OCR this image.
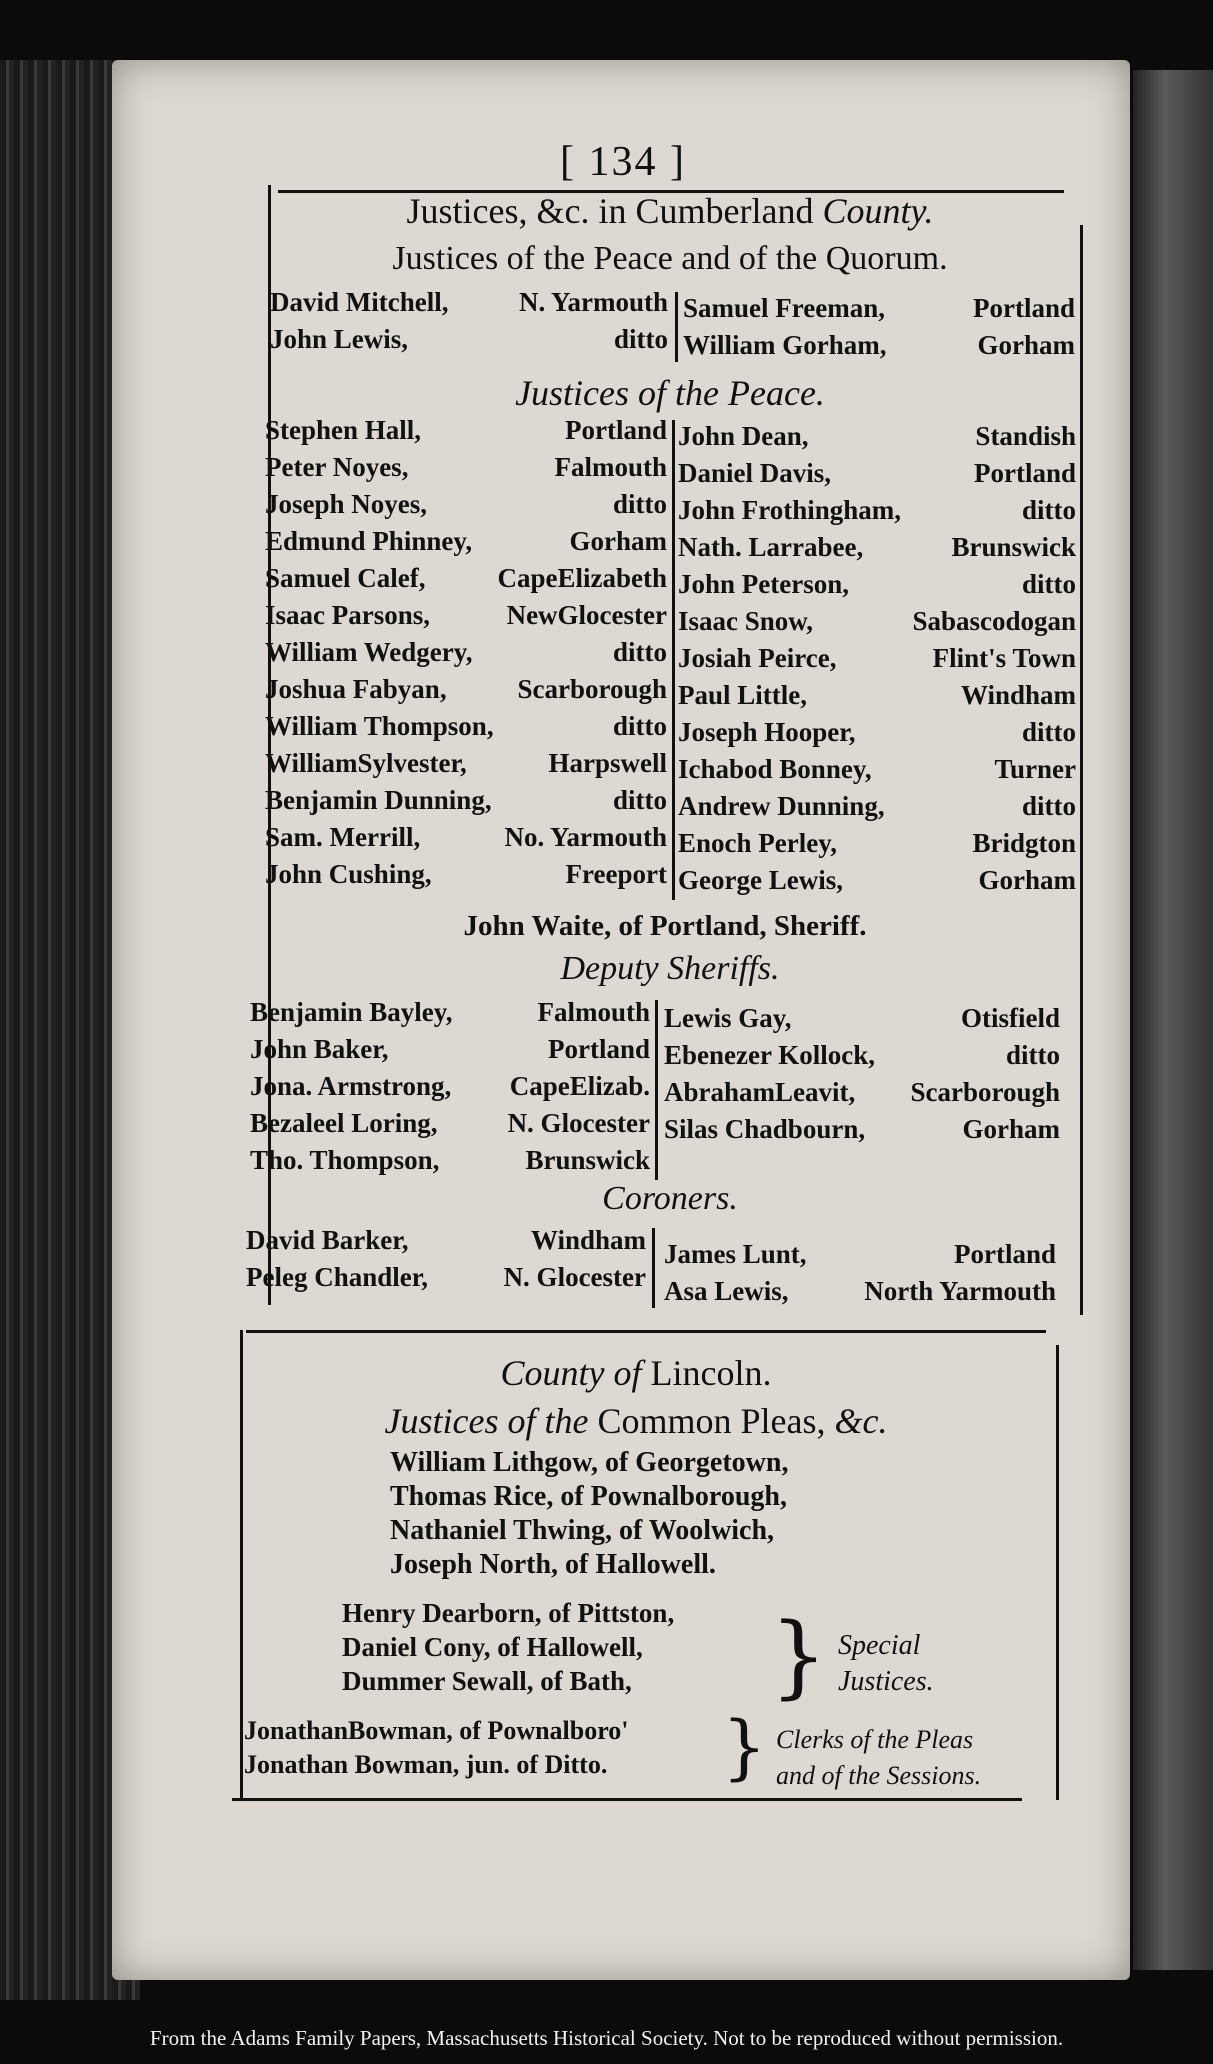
[ 134 ]
Justices, &c. in Cumberland County.
Justices of the Peace and of the Quorum.
David Mitchell,	N. Yarmouth
John Lewis,	ditto
Samuel Freeman,	Portland
William Gorham,	Gorham
Justices of the Peace.
Stephen Hall,	Portland
Peter Noyes,	Falmouth
Joseph Noyes,	ditto
Edmund Phinney,	Gorham
Samuel Calef,	CapeElizabeth
Isaac Parsons,	NewGlocester
William Wedgery,	ditto
Joshua Fabyan,	Scarborough
William Thompson,	ditto
WilliamSylvester,	Harpswell
Benjamin Dunning,	ditto
Sam. Merrill,	No. Yarmouth
John Cushing,	Freeport
John Dean,	Standish
Daniel Davis,	Portland
John Frothingham,	ditto
Nath. Larrabee,	Brunswick
John Peterson,	ditto
Isaac Snow,	Sabascodogan
Josiah Peirce,	Flint's Town
Paul Little,	Windham
Joseph Hooper,	ditto
Ichabod Bonney,	Turner
Andrew Dunning,	ditto
Enoch Perley,	Bridgton
George Lewis,	Gorham
John Waite, of Portland, Sheriff.
Deputy Sheriffs.
Benjamin Bayley,	Falmouth
John Baker,	Portland
Jona. Armstrong, CapeElizab.
Bezaleel Loring,	N. Glocester
Tho. Thompson,	Brunswick
Lewis Gay,	Otisfield
Ebenezer Kollock,	ditto
AbrahamLeavit, Scarborough
Silas Chadbourn,	Gorham
Coroners.
David Barker,	Windham
Peleg Chandler,	N. Glocester
James Lunt,	Portland
Asa Lewis,	North Yarmouth
County of Lincoln.
Justices of the Common Pleas, &c.
William Lithgow, of Georgetown,
Thomas Rice, of Pownalborough,
Nathaniel Thwing, of Woolwich,
Joseph North, of Hallowell.
Henry Dearborn, of Pittston,
Daniel Cony, of Hallowell,
Dummer Sewall, of Bath,	} Special
Justices.
JonathanBowman, of Pownalboro'
Jonathan Bowman, jun. of Ditto.	} Clerks of the Pleas
and of the Sessions.
From the Adams Family Papers, Massachusetts Historical Society. Not to be reproduced without permission.
